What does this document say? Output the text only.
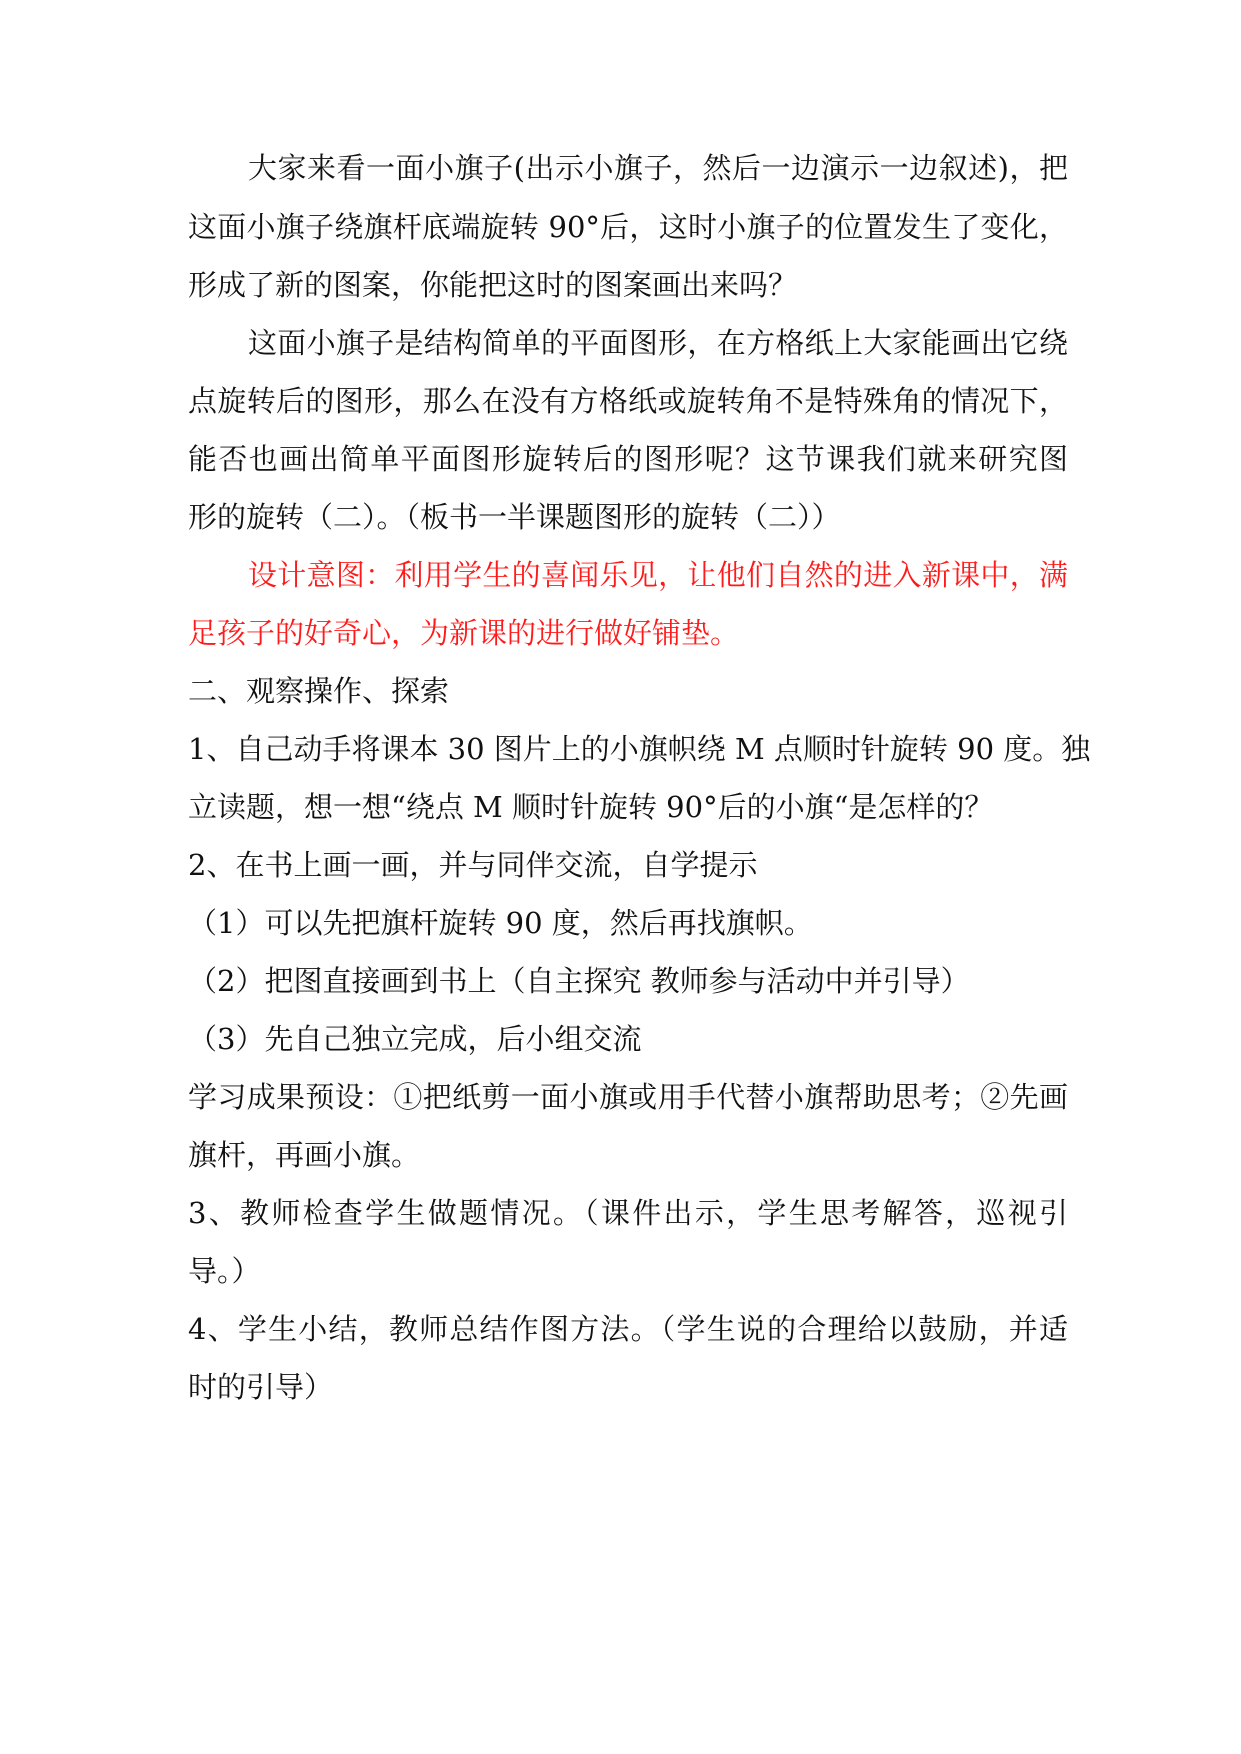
大家来看一面小旗子(出示小旗子，然后一边演示一边叙述)，把
这面小旗子绕旗杆底端旋转 90°后，这时小旗子的位置发生了变化，
形成了新的图案，你能把这时的图案画出来吗？
这面小旗子是结构简单的平面图形，在方格纸上大家能画出它绕
点旋转后的图形，那么在没有方格纸或旋转角不是特殊角的情况下，
能否也画出简单平面图形旋转后的图形呢？这节课我们就来研究图
形的旋转（二）。（板书一半课题图形的旋转（二））
设计意图：利用学生的喜闻乐见，让他们自然的进入新课中，满
足孩子的好奇心，为新课的进行做好铺垫。
二、观察操作、探索
1、自己动手将课本 30 图片上的小旗帜绕 M 点顺时针旋转 90 度。独
立读题，想一想“绕点 M 顺时针旋转 90°后的小旗“是怎样的？
2、在书上画一画，并与同伴交流，自学提示
（1）可以先把旗杆旋转 90 度，然后再找旗帜。
（2）把图直接画到书上（自主探究 教师参与活动中并引导）
（3）先自己独立完成，后小组交流
学习成果预设：①把纸剪一面小旗或用手代替小旗帮助思考；②先画
旗杆，再画小旗。
3、教师检查学生做题情况。（课件出示，学生思考解答，巡视引
导。）
4、学生小结，教师总结作图方法。（学生说的合理给以鼓励，并适
时的引导）
